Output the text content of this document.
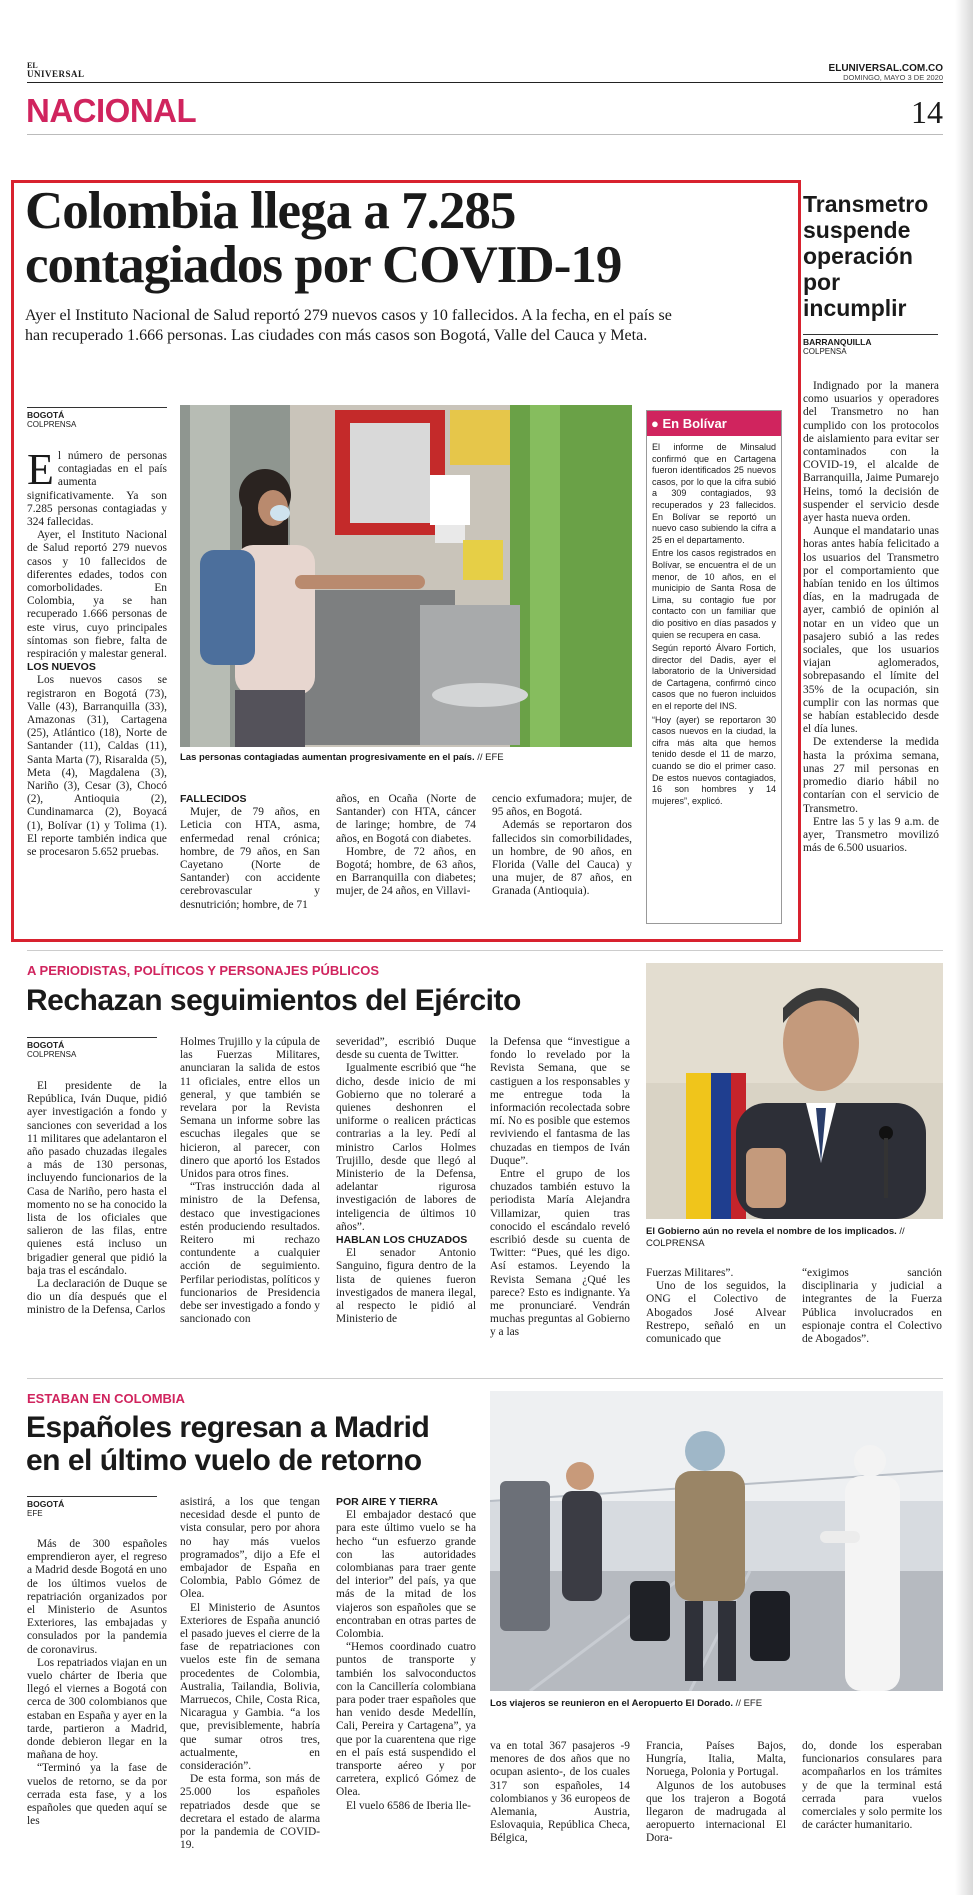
EL
UNIVERSAL	ELUNIVERSAL.COM.CO
DOMINGO, MAYO 3 DE 2020
NACIONAL	14
Colombia llega a 7.285
contagiados por COVID-19
Ayer el Instituto Nacional de Salud reportó 279 nuevos casos y 10 fallecidos. A la fecha, en el país se
han recuperado 1.666 personas. Las ciudades con más casos son Bogotá, Valle del Cauca y Meta.
BOGOTÁ
COLPRENSA

El número de personas contagiadas en el país aumenta significativamente. Ya son 7.285 personas contagiadas y 324 fallecidas.

Ayer, el Instituto Nacional de Salud reportó 279 nuevos casos y 10 fallecidos de diferentes edades, todos con comorbolidades. En Colombia, ya se han recuperado 1.666 personas de este virus, cuyo principales síntomas son fiebre, falta de respiración y malestar general.

LOS NUEVOS

Los nuevos casos se registraron en Bogotá (73), Valle (43), Barranquilla (33), Amazonas (31), Cartagena (25), Atlántico (18), Norte de Santander (11), Caldas (11), Santa Marta (7), Risaralda (5), Meta (4), Magdalena (3), Nariño (3), Cesar (3), Chocó (2), Antioquia (2), Cundinamarca (2), Boyacá (1), Bolívar (1) y Tolima (1). El reporte también indica que se procesaron 5.652 pruebas.

Las personas contagiadas aumentan progresivamente en el país. // EFE

FALLECIDOS

Mujer, de 79 años, en Leticia con HTA, asma, enfermedad renal crónica; hombre, de 79 años, en San Cayetano (Norte de Santander) con accidente cerebrovascular y desnutrición; hombre, de 71

años, en Ocaña (Norte de Santander) con HTA, cáncer de laringe; hombre, de 74 años, en Bogotá con diabetes.

Hombre, de 72 años, en Bogotá; hombre, de 63 años, en Barranquilla con diabetes; mujer, de 24 años, en Villavi-

cencio exfumadora; mujer, de 95 años, en Bogotá.

Además se reportaron dos fallecidos sin comorbilidades, un hombre, de 90 años, en Florida (Valle del Cauca) y una mujer, de 87 años, en Granada (Antioquia).

● En Bolívar

El informe de Minsalud confirmó que en Cartagena fueron identificados 25 nuevos casos, por lo que la cifra subió a 309 contagiados, 93 recuperados y 23 fallecidos. En Bolívar se reportó un nuevo caso subiendo la cifra a 25 en el departamento.

Entre los casos registrados en Bolívar, se encuentra el de un menor, de 10 años, en el municipio de Santa Rosa de Lima, su contagio fue por contacto con un familiar que dio positivo en días pasados y quien se recupera en casa.

Según reportó Álvaro Fortich, director del Dadis, ayer el laboratorio de la Universidad de Cartagena, confirmó cinco casos que no fueron incluidos en el reporte del INS.

“Hoy (ayer) se reportaron 30 casos nuevos en la ciudad, la cifra más alta que hemos tenido desde el 11 de marzo, cuando se dio el primer caso. De estos nuevos contagiados, 16 son hombres y 14 mujeres”, explicó.

Transmetro suspende operación por incumplir
BARRANQUILLA
COLPENSA

Indignado por la manera como usuarios y operadores del Transmetro no han cumplido con los protocolos de aislamiento para evitar ser contaminados con la COVID-19, el alcalde de Barranquilla, Jaime Pumarejo Heins, tomó la decisión de suspender el servicio desde ayer hasta nueva orden.

Aunque el mandatario unas horas antes había felicitado a los usuarios del Transmetro por el comportamiento que habían tenido en los últimos días, en la madrugada de ayer, cambió de opinión al notar en un video que un pasajero subió a las redes sociales, que los usuarios viajan aglomerados, sobrepasando el límite del 35% de la ocupación, sin cumplir con las normas que se habían establecido desde el día lunes.

De extenderse la medida hasta la próxima semana, unas 27 mil personas en promedio diario hábil no contarían con el servicio de Transmetro.

Entre las 5 y las 9 a.m. de ayer, Transmetro movilizó más de 6.500 usuarios.

A PERIODISTAS, POLÍTICOS Y PERSONAJES PÚBLICOS
Rechazan seguimientos del Ejército
BOGOTÁ
COLPRENSA

El presidente de la República, Iván Duque, pidió ayer investigación a fondo y sanciones con severidad a los 11 militares que adelantaron el año pasado chuzadas ilegales a más de 130 personas, incluyendo funcionarios de la Casa de Nariño, pero hasta el momento no se ha conocido la lista de los oficiales que salieron de las filas, entre quienes está incluso un brigadier general que pidió la baja tras el escándalo.

La declaración de Duque se dio un día después que el ministro de la Defensa, Carlos

Holmes Trujillo y la cúpula de las Fuerzas Militares, anunciaran la salida de estos 11 oficiales, entre ellos un general, y que también se revelara por la Revista Semana un informe sobre las escuchas ilegales que se hicieron, al parecer, con dinero que aportó los Estados Unidos para otros fines.

“Tras instrucción dada al ministro de la Defensa, destaco que investigaciones estén produciendo resultados. Reitero mi rechazo contundente a cualquier acción de seguimiento. Perfilar periodistas, políticos y funcionarios de Presidencia debe ser investigado a fondo y sancionado con

severidad”, escribió Duque desde su cuenta de Twitter.

Igualmente escribió que “he dicho, desde inicio de mi Gobierno que no toleraré a quienes deshonren el uniforme o realicen prácticas contrarias a la ley. Pedí al ministro Carlos Holmes Trujillo, desde que llegó al Ministerio de la Defensa, adelantar rigurosa investigación de labores de inteligencia de últimos 10 años”.

HABLAN LOS CHUZADOS

El senador Antonio Sanguino, figura dentro de la lista de quienes fueron investigados de manera ilegal, al respecto le pidió al Ministerio de

la Defensa que “investigue a fondo lo revelado por la Revista Semana, que se castiguen a los responsables y me entregue toda la información recolectada sobre mí. No es posible que estemos reviviendo el fantasma de las chuzadas en tiempos de Iván Duque”.

Entre el grupo de los chuzados también estuvo la periodista María Alejandra Villamizar, quien tras conocido el escándalo reveló escribió desde su cuenta de Twitter: “Pues, qué les digo. Así estamos. Leyendo la Revista Semana ¿Qué les parece? Esto es indignante. Ya me pronunciaré. Vendrán muchas preguntas al Gobierno y a las

El Gobierno aún no revela el nombre de los implicados. // COLPRENSA

Fuerzas Militares”.

Uno de los seguidos, la ONG el Colectivo de Abogados José Alvear Restrepo, señaló en un comunicado que

“exigimos sanción disciplinaria y judicial a integrantes de la Fuerza Pública involucrados en espionaje contra el Colectivo de Abogados”.

ESTABAN EN COLOMBIA
Españoles regresan a Madrid
en el último vuelo de retorno
BOGOTÁ
EFE

Más de 300 españoles emprendieron ayer, el regreso a Madrid desde Bogotá en uno de los últimos vuelos de repatriación organizados por el Ministerio de Asuntos Exteriores, las embajadas y consulados por la pandemia de coronavirus.

Los repatriados viajan en un vuelo chárter de Iberia que llegó el viernes a Bogotá con cerca de 300 colombianos que estaban en España y ayer en la tarde, partieron a Madrid, donde debieron llegar en la mañana de hoy.

“Terminó ya la fase de vuelos de retorno, se da por cerrada esta fase, y a los españoles que queden aquí se les

asistirá, a los que tengan necesidad desde el punto de vista consular, pero por ahora no hay más vuelos programados”, dijo a Efe el embajador de España en Colombia, Pablo Gómez de Olea.

El Ministerio de Asuntos Exteriores de España anunció el pasado jueves el cierre de la fase de repatriaciones con vuelos este fin de semana procedentes de Colombia, Australia, Tailandia, Bolivia, Marruecos, Chile, Costa Rica, Nicaragua y Gambia. “a los que, previsiblemente, habría que sumar otros tres, actualmente, en consideración”.

De esta forma, son más de 25.000 los españoles repatriados desde que se decretara el estado de alarma por la pandemia de COVID-19.

POR AIRE Y TIERRA

El embajador destacó que para este último vuelo se ha hecho “un esfuerzo grande con las autoridades colombianas para traer gente del interior” del país, ya que más de la mitad de los viajeros son españoles que se encontraban en otras partes de Colombia.

“Hemos coordinado cuatro puntos de transporte y también los salvoconductos con la Cancillería colombiana para poder traer españoles que han venido desde Medellín, Cali, Pereira y Cartagena”, ya que por la cuarentena que rige en el país está suspendido el transporte aéreo y por carretera, explicó Gómez de Olea.

El vuelo 6586 de Iberia lle-

Los viajeros se reunieron en el Aeropuerto El Dorado. // EFE

va en total 367 pasajeros -9 menores de dos años que no ocupan asiento-, de los cuales 317 son españoles, 14 colombianos y 36 europeos de Alemania, Austria, Eslovaquia, República Checa, Bélgica,

Francia, Países Bajos, Hungría, Italia, Malta, Noruega, Polonia y Portugal.

Algunos de los autobuses que los trajeron a Bogotá llegaron de madrugada al aeropuerto internacional El Dora-

do, donde los esperaban funcionarios consulares para acompañarlos en los trámites y de que la terminal está cerrada para vuelos comerciales y solo permite los de carácter humanitario.
